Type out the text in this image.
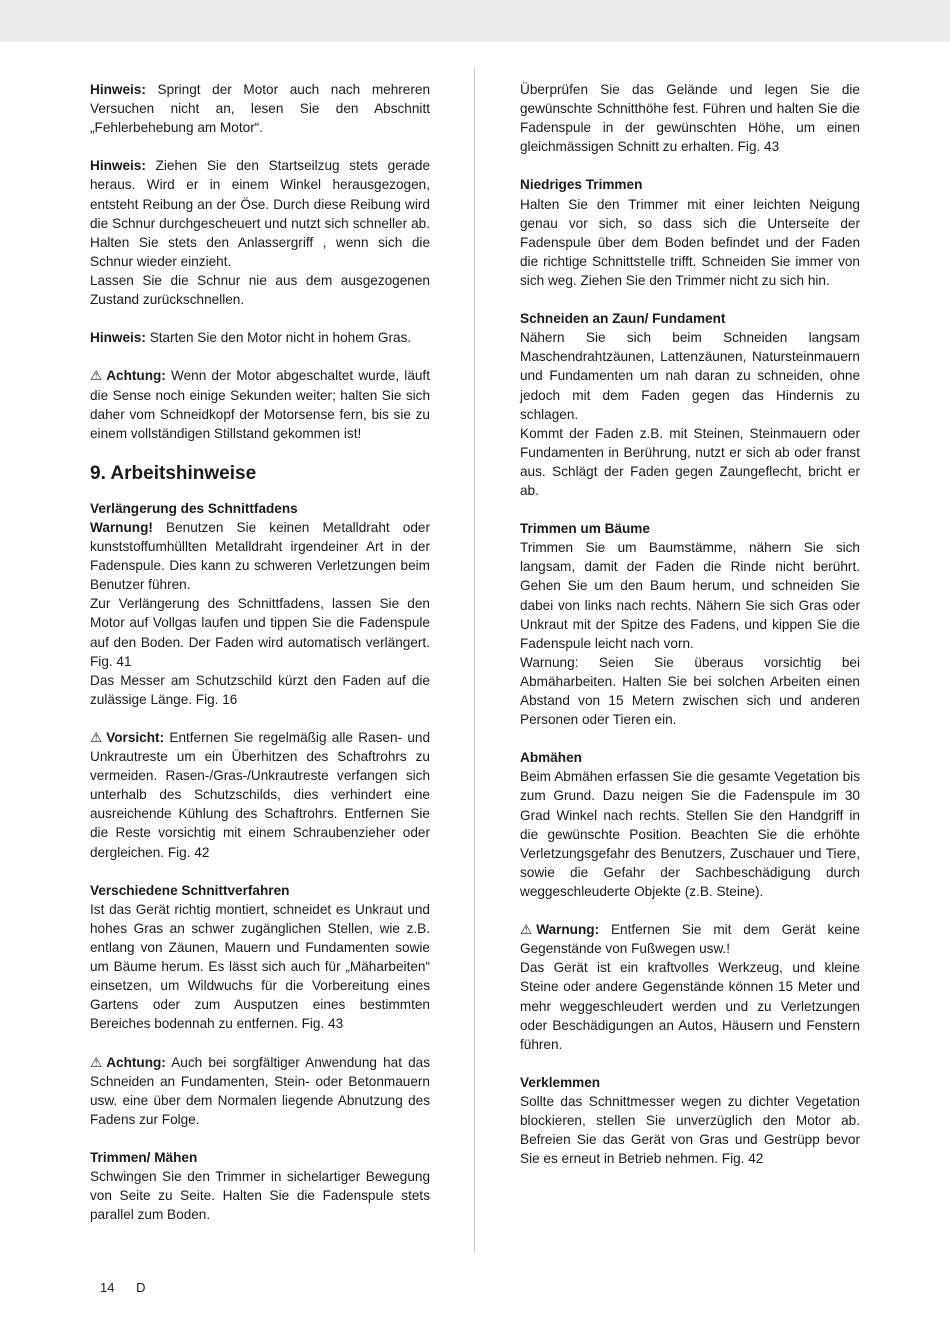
Hinweis: Springt der Motor auch nach mehreren Versuchen nicht an, lesen Sie den Abschnitt „Fehlerbehebung am Motor“.

Hinweis: Ziehen Sie den Startseilzug stets gerade heraus. Wird er in einem Winkel herausgezogen, entsteht Reibung an der Öse. Durch diese Reibung wird die Schnur durchgescheuert und nutzt sich schneller ab. Halten Sie stets den Anlassergriff , wenn sich die Schnur wieder einzieht.

Lassen Sie die Schnur nie aus dem ausgezogenen Zustand zurückschnellen.

Hinweis: Starten Sie den Motor nicht in hohem Gras.

⚠ Achtung: Wenn der Motor abgeschaltet wurde, läuft die Sense noch einige Sekunden weiter; halten Sie sich daher vom Schneidkopf der Motorsense fern, bis sie zu einem vollständigen Stillstand gekommen ist!

9. Arbeitshinweise

Verlängerung des Schnittfadens

Warnung! Benutzen Sie keinen Metalldraht oder kunststoffumhüllten Metalldraht irgendeiner Art in der Fadenspule. Dies kann zu schweren Verletzungen beim Benutzer führen.

Zur Verlängerung des Schnittfadens, lassen Sie den Motor auf Vollgas laufen und tippen Sie die Fadenspule auf den Boden. Der Faden wird automatisch verlängert. Fig. 41

Das Messer am Schutzschild kürzt den Faden auf die zulässige Länge. Fig. 16

⚠ Vorsicht: Entfernen Sie regelmäßig alle Rasen- und Unkrautreste um ein Überhitzen des Schaftrohrs zu vermeiden. Rasen-/Gras-/Unkrautreste verfangen sich unterhalb des Schutzschilds, dies verhindert eine ausreichende Kühlung des Schaftrohrs. Entfernen Sie die Reste vorsichtig mit einem Schraubenzieher oder dergleichen. Fig. 42

Verschiedene Schnittverfahren

Ist das Gerät richtig montiert, schneidet es Unkraut und hohes Gras an schwer zugänglichen Stellen, wie z.B. entlang von Zäunen, Mauern und Fundamenten sowie um Bäume herum. Es lässt sich auch für „Mäharbeiten“ einsetzen, um Wildwuchs für die Vorbereitung eines Gartens oder zum Ausputzen eines bestimmten Bereiches bodennah zu entfernen. Fig. 43

⚠ Achtung: Auch bei sorgfältiger Anwendung hat das Schneiden an Fundamenten, Stein- oder Betonmauern usw. eine über dem Normalen liegende Abnutzung des Fadens zur Folge.

Trimmen/ Mähen

Schwingen Sie den Trimmer in sichelartiger Bewegung von Seite zu Seite. Halten Sie die Fadenspule stets parallel zum Boden.

Überprüfen Sie das Gelände und legen Sie die gewünschte Schnitthöhe fest. Führen und halten Sie die Fadenspule in der gewünschten Höhe, um einen gleichmässigen Schnitt zu erhalten. Fig. 43

Niedriges Trimmen

Halten Sie den Trimmer mit einer leichten Neigung genau vor sich, so dass sich die Unterseite der Fadenspule über dem Boden befindet und der Faden die richtige Schnittstelle trifft. Schneiden Sie immer von sich weg. Ziehen Sie den Trimmer nicht zu sich hin.

Schneiden an Zaun/ Fundament

Nähern Sie sich beim Schneiden langsam Maschendrahtzäunen, Lattenzäunen, Natursteinmauern und Fundamenten um nah daran zu schneiden, ohne jedoch mit dem Faden gegen das Hindernis zu schlagen.

Kommt der Faden z.B. mit Steinen, Steinmauern oder Fundamenten in Berührung, nutzt er sich ab oder franst aus. Schlägt der Faden gegen Zaungeflecht, bricht er ab.

Trimmen um Bäume

Trimmen Sie um Baumstämme, nähern Sie sich langsam, damit der Faden die Rinde nicht berührt. Gehen Sie um den Baum herum, und schneiden Sie dabei von links nach rechts. Nähern Sie sich Gras oder Unkraut mit der Spitze des Fadens, und kippen Sie die Fadenspule leicht nach vorn.

Warnung: Seien Sie überaus vorsichtig bei Abmäharbeiten. Halten Sie bei solchen Arbeiten einen Abstand von 15 Metern zwischen sich und anderen Personen oder Tieren ein.

Abmähen

Beim Abmähen erfassen Sie die gesamte Vegetation bis zum Grund. Dazu neigen Sie die Fadenspule im 30 Grad Winkel nach rechts. Stellen Sie den Handgriff in die gewünschte Position. Beachten Sie die erhöhte Verletzungsgefahr des Benutzers, Zuschauer und Tiere, sowie die Gefahr der Sachbeschädigung durch weggeschleuderte Objekte (z.B. Steine).

⚠ Warnung: Entfernen Sie mit dem Gerät keine Gegenstände von Fußwegen usw.!

Das Gerät ist ein kraftvolles Werkzeug, und kleine Steine oder andere Gegenstände können 15 Meter und mehr weggeschleudert werden und zu Verletzungen oder Beschädigungen an Autos, Häusern und Fenstern führen.

Verklemmen

Sollte das Schnittmesser wegen zu dichter Vegetation blockieren, stellen Sie unverzüglich den Motor ab. Befreien Sie das Gerät von Gras und Gestrüpp bevor Sie es erneut in Betrieb nehmen. Fig. 42

14 D
